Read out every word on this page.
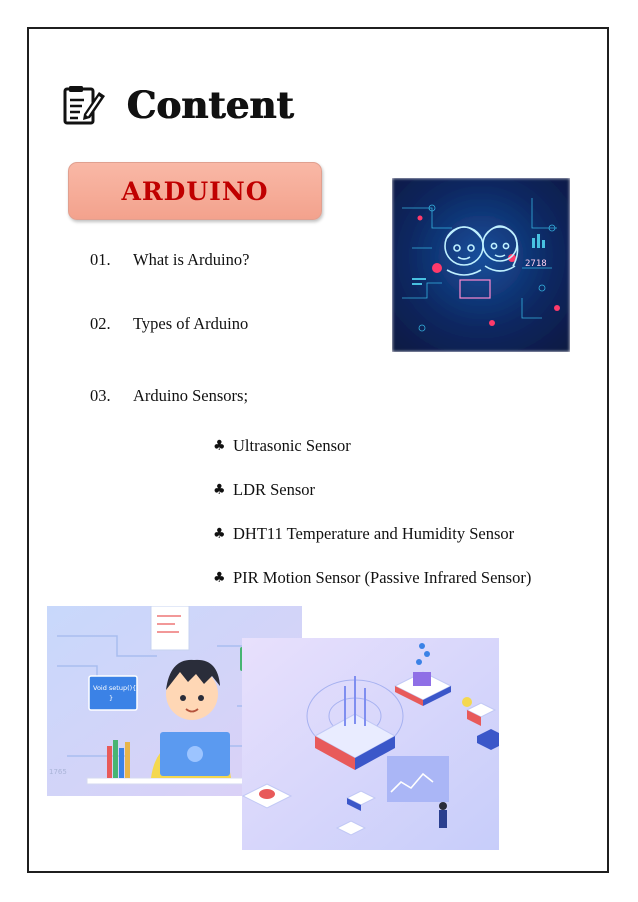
Content
ARDUINO
01.	What is Arduino?
02.	Types of Arduino
03.	Arduino Sensors;
♣ Ultrasonic Sensor
♣ LDR Sensor
♣ DHT11 Temperature and Humidity Sensor
♣ PIR Motion Sensor (Passive Infrared Sensor)
2718
1765
Void setup(){
}
